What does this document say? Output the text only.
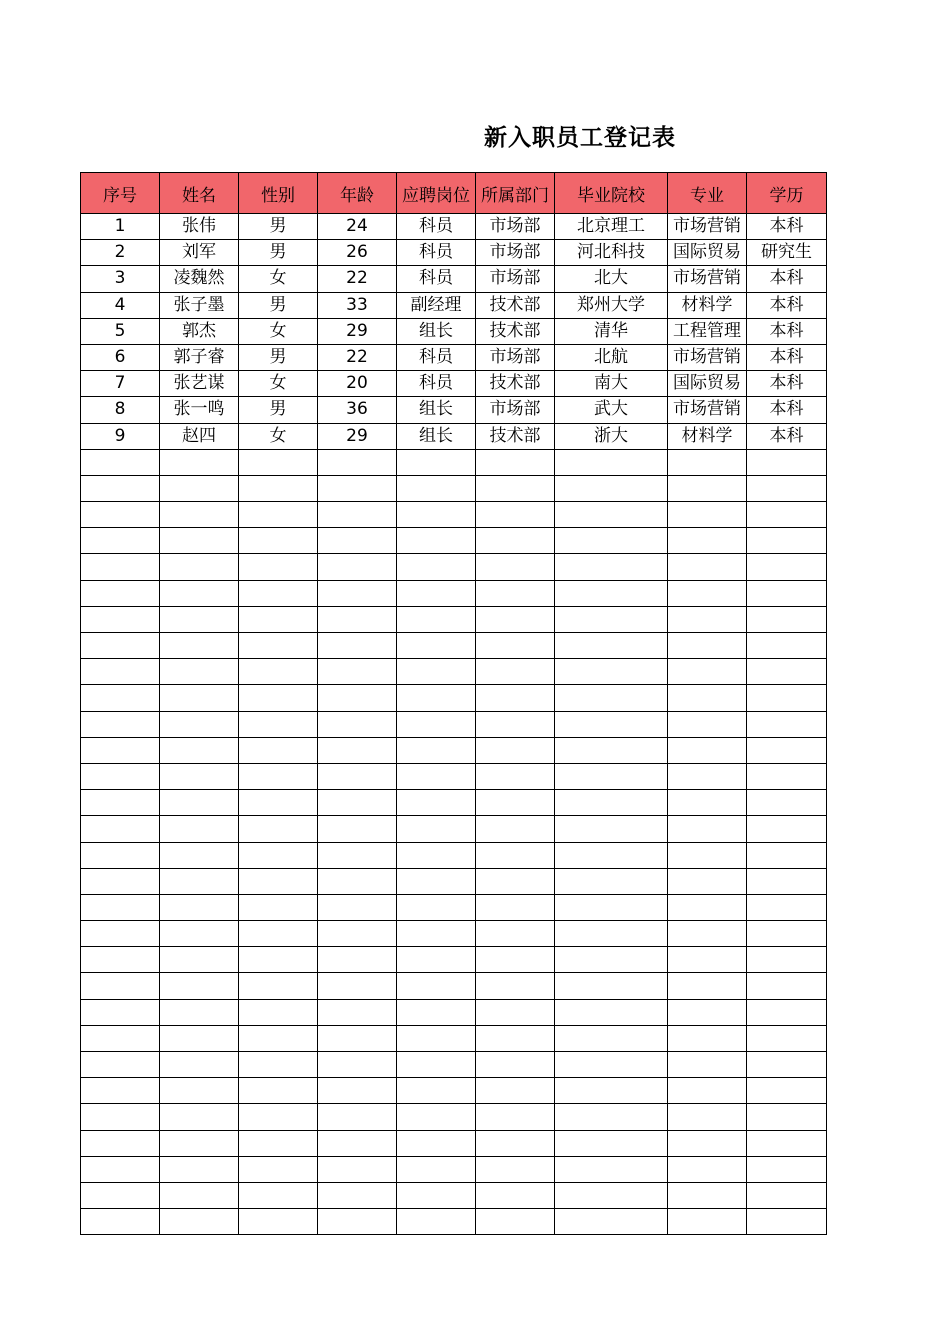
新入职员工登记表
序号	姓名	性别	年龄	应聘岗位	所属部门	毕业院校	专业	学历
1	张伟	男	24	科员	市场部	北京理工	市场营销	本科
2	刘军	男	26	科员	市场部	河北科技	国际贸易	研究生
3	凌魏然	女	22	科员	市场部	北大	市场营销	本科
4	张子墨	男	33	副经理	技术部	郑州大学	材料学	本科
5	郭杰	女	29	组长	技术部	清华	工程管理	本科
6	郭子睿	男	22	科员	市场部	北航	市场营销	本科
7	张艺谋	女	20	科员	技术部	南大	国际贸易	本科
8	张一鸣	男	36	组长	市场部	武大	市场营销	本科
9	赵四	女	29	组长	技术部	浙大	材料学	本科
